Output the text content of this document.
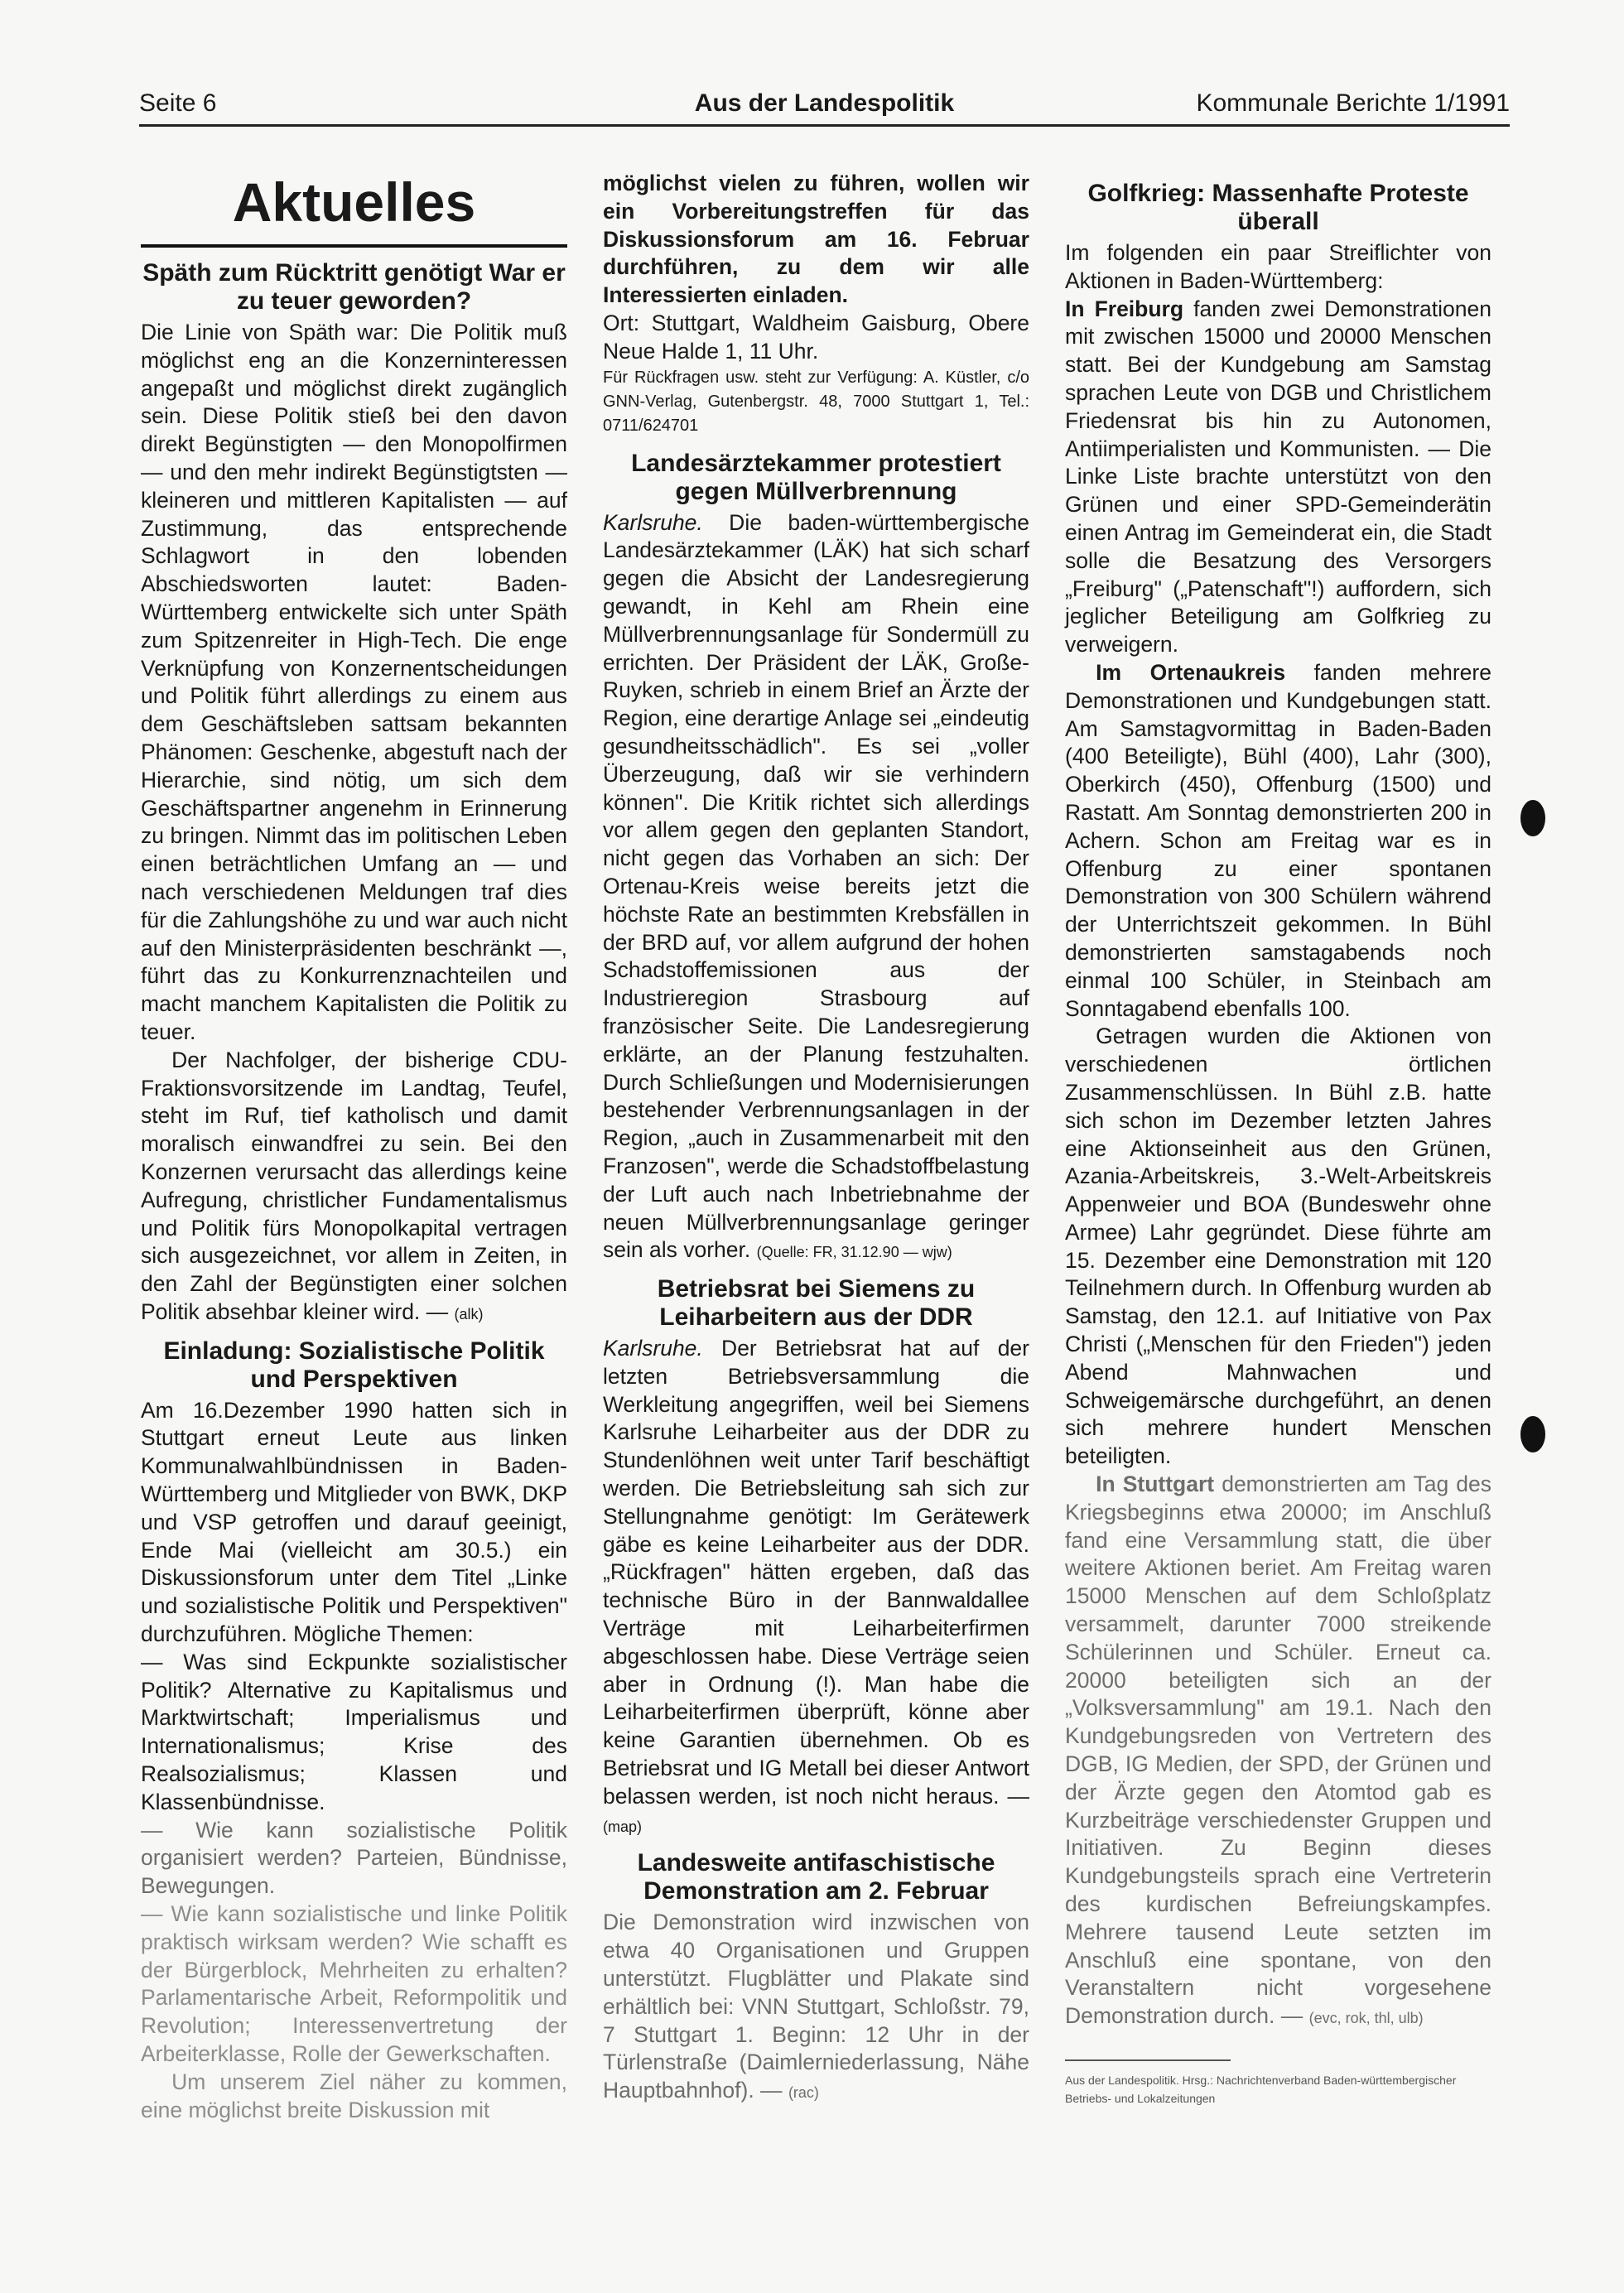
Seite 6	Aus der Landespolitik	Kommunale Berichte 1/1991
Aktuelles
Späth zum Rücktritt genötigt War er zu teuer geworden?

Die Linie von Späth war: Die Politik muß möglichst eng an die Konzerninteressen angepaßt und möglichst direkt zugänglich sein. Diese Politik stieß bei den davon direkt Begünstigten — den Monopolfirmen — und den mehr indirekt Begünstigtsten — kleineren und mittleren Kapitalisten — auf Zustimmung, das entsprechende Schlagwort in den lobenden Abschiedsworten lautet: Baden-Württemberg entwickelte sich unter Späth zum Spitzenreiter in High-Tech. Die enge Verknüpfung von Konzernentscheidungen und Politik führt allerdings zu einem aus dem Geschäftsleben sattsam bekannten Phänomen: Geschenke, abgestuft nach der Hierarchie, sind nötig, um sich dem Geschäftspartner angenehm in Erinnerung zu bringen. Nimmt das im politischen Leben einen beträchtlichen Umfang an — und nach verschiedenen Meldungen traf dies für die Zahlungshöhe zu und war auch nicht auf den Ministerpräsidenten beschränkt —, führt das zu Konkurrenznachteilen und macht manchem Kapitalisten die Politik zu teuer.

Der Nachfolger, der bisherige CDU-Fraktionsvorsitzende im Landtag, Teufel, steht im Ruf, tief katholisch und damit moralisch einwandfrei zu sein. Bei den Konzernen verursacht das allerdings keine Aufregung, christlicher Fundamentalismus und Politik fürs Monopolkapital vertragen sich ausgezeichnet, vor allem in Zeiten, in den Zahl der Begünstigten einer solchen Politik absehbar kleiner wird. — (alk)

Einladung: Sozialistische Politik und Perspektiven

Am 16.Dezember 1990 hatten sich in Stuttgart erneut Leute aus linken Kommunalwahlbündnissen in Baden-Württemberg und Mitglieder von BWK, DKP und VSP getroffen und darauf geeinigt, Ende Mai (vielleicht am 30.5.) ein Diskussionsforum unter dem Titel „Linke und sozialistische Politik und Perspektiven" durchzuführen. Mögliche Themen:

— Was sind Eckpunkte sozialistischer Politik? Alternative zu Kapitalismus und Marktwirtschaft; Imperialismus und Internationalismus; Krise des Realsozialismus; Klassen und Klassenbündnisse.

— Wie kann sozialistische Politik organisiert werden? Parteien, Bündnisse, Bewegungen.

— Wie kann sozialistische und linke Politik praktisch wirksam werden? Wie schafft es der Bürgerblock, Mehrheiten zu erhalten? Parlamentarische Arbeit, Reformpolitik und Revolution; Interessenvertretung der Arbeiterklasse, Rolle der Gewerkschaften.

Um unserem Ziel näher zu kommen, eine möglichst breite Diskussion mit

möglichst vielen zu führen, wollen wir ein Vorbereitungstreffen für das Diskussionsforum am 16. Februar durchführen, zu dem wir alle Interessierten einladen.

Ort: Stuttgart, Waldheim Gaisburg, Obere Neue Halde 1, 11 Uhr.

Für Rückfragen usw. steht zur Verfügung: A. Küstler, c/o GNN-Verlag, Gutenbergstr. 48, 7000 Stuttgart 1, Tel.: 0711/624701

Landesärztekammer protestiert gegen Müllverbrennung

Karlsruhe. Die baden-württembergische Landesärztekammer (LÄK) hat sich scharf gegen die Absicht der Landesregierung gewandt, in Kehl am Rhein eine Müllverbrennungsanlage für Sondermüll zu errichten. Der Präsident der LÄK, Große-Ruyken, schrieb in einem Brief an Ärzte der Region, eine derartige Anlage sei „eindeutig gesundheitsschädlich". Es sei „voller Überzeugung, daß wir sie verhindern können". Die Kritik richtet sich allerdings vor allem gegen den geplanten Standort, nicht gegen das Vorhaben an sich: Der Ortenau-Kreis weise bereits jetzt die höchste Rate an bestimmten Krebsfällen in der BRD auf, vor allem aufgrund der hohen Schadstoffemissionen aus der Industrieregion Strasbourg auf französischer Seite. Die Landesregierung erklärte, an der Planung festzuhalten. Durch Schließungen und Modernisierungen bestehender Verbrennungsanlagen in der Region, „auch in Zusammenarbeit mit den Franzosen", werde die Schadstoffbelastung der Luft auch nach Inbetriebnahme der neuen Müllverbrennungsanlage geringer sein als vorher. (Quelle: FR, 31.12.90 — wjw)

Betriebsrat bei Siemens zu Leiharbeitern aus der DDR

Karlsruhe. Der Betriebsrat hat auf der letzten Betriebsversammlung die Werkleitung angegriffen, weil bei Siemens Karlsruhe Leiharbeiter aus der DDR zu Stundenlöhnen weit unter Tarif beschäftigt werden. Die Betriebsleitung sah sich zur Stellungnahme genötigt: Im Gerätewerk gäbe es keine Leiharbeiter aus der DDR. „Rückfragen" hätten ergeben, daß das technische Büro in der Bannwaldallee Verträge mit Leiharbeiterfirmen abgeschlossen habe. Diese Verträge seien aber in Ordnung (!). Man habe die Leiharbeiterfirmen überprüft, könne aber keine Garantien übernehmen. Ob es Betriebsrat und IG Metall bei dieser Antwort belassen werden, ist noch nicht heraus. — (map)

Landesweite antifaschistische Demonstration am 2. Februar

Die Demonstration wird inzwischen von etwa 40 Organisationen und Gruppen unterstützt. Flugblätter und Plakate sind erhältlich bei: VNN Stuttgart, Schloßstr. 79, 7 Stuttgart 1. Beginn: 12 Uhr in der Türlenstraße (Daimlerniederlassung, Nähe Hauptbahnhof). — (rac)

Golfkrieg: Massenhafte Proteste überall

Im folgenden ein paar Streiflichter von Aktionen in Baden-Württemberg:

In Freiburg fanden zwei Demonstrationen mit zwischen 15000 und 20000 Menschen statt. Bei der Kundgebung am Samstag sprachen Leute von DGB und Christlichem Friedensrat bis hin zu Autonomen, Antiimperialisten und Kommunisten. — Die Linke Liste brachte unterstützt von den Grünen und einer SPD-Gemeinderätin einen Antrag im Gemeinderat ein, die Stadt solle die Besatzung des Versorgers „Freiburg" („Patenschaft"!) auffordern, sich jeglicher Beteiligung am Golfkrieg zu verweigern.

Im Ortenaukreis fanden mehrere Demonstrationen und Kundgebungen statt. Am Samstagvormittag in Baden-Baden (400 Beteiligte), Bühl (400), Lahr (300), Oberkirch (450), Offenburg (1500) und Rastatt. Am Sonntag demonstrierten 200 in Achern. Schon am Freitag war es in Offenburg zu einer spontanen Demonstration von 300 Schülern während der Unterrichtszeit gekommen. In Bühl demonstrierten samstagabends noch einmal 100 Schüler, in Steinbach am Sonntagabend ebenfalls 100.

Getragen wurden die Aktionen von verschiedenen örtlichen Zusammenschlüssen. In Bühl z.B. hatte sich schon im Dezember letzten Jahres eine Aktionseinheit aus den Grünen, Azania-Arbeitskreis, 3.-Welt-Arbeitskreis Appenweier und BOA (Bundeswehr ohne Armee) Lahr gegründet. Diese führte am 15. Dezember eine Demonstration mit 120 Teilnehmern durch. In Offenburg wurden ab Samstag, den 12.1. auf Initiative von Pax Christi („Menschen für den Frieden") jeden Abend Mahnwachen und Schweigemärsche durchgeführt, an denen sich mehrere hundert Menschen beteiligten.

In Stuttgart demonstrierten am Tag des Kriegsbeginns etwa 20000; im Anschluß fand eine Versammlung statt, die über weitere Aktionen beriet. Am Freitag waren 15000 Menschen auf dem Schloßplatz versammelt, darunter 7000 streikende Schülerinnen und Schüler. Erneut ca. 20000 beteiligten sich an der „Volksversammlung" am 19.1. Nach den Kundgebungsreden von Vertretern des DGB, IG Medien, der SPD, der Grünen und der Ärzte gegen den Atomtod gab es Kurzbeiträge verschiedenster Gruppen und Initiativen. Zu Beginn dieses Kundgebungsteils sprach eine Vertreterin des kurdischen Befreiungskampfes. Mehrere tausend Leute setzten im Anschluß eine spontane, von den Veranstaltern nicht vorgesehene Demonstration durch. — (evc, rok, thl, ulb)

Aus der Landespolitik. Hrsg.: Nachrichtenverband Baden-württembergischer Betriebs- und Lokalzeitungen
